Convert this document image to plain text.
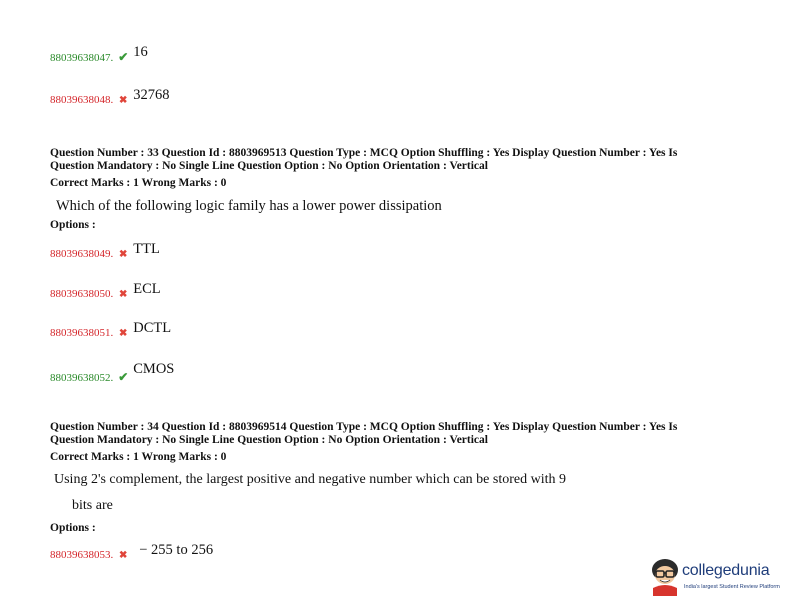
88039638047. ✔ 16
88039638048. ✖ 32768
Question Number : 33 Question Id : 8803969513 Question Type : MCQ Option Shuffling : Yes Display Question Number : Yes Is
Question Mandatory : No Single Line Question Option : No Option Orientation : Vertical
Correct Marks : 1 Wrong Marks : 0
Which of the following logic family has a lower power dissipation
Options :
88039638049. ✖ TTL
88039638050. ✖ ECL
88039638051. ✖ DCTL
88039638052. ✔ CMOS
Question Number : 34 Question Id : 8803969514 Question Type : MCQ Option Shuffling : Yes Display Question Number : Yes Is
Question Mandatory : No Single Line Question Option : No Option Orientation : Vertical
Correct Marks : 1 Wrong Marks : 0
Using 2's complement, the largest positive and negative number which can be stored with 9
bits are
Options :
88039638053. ✖ − 255 to 256
collegedunia
India's largest Student Review Platform
